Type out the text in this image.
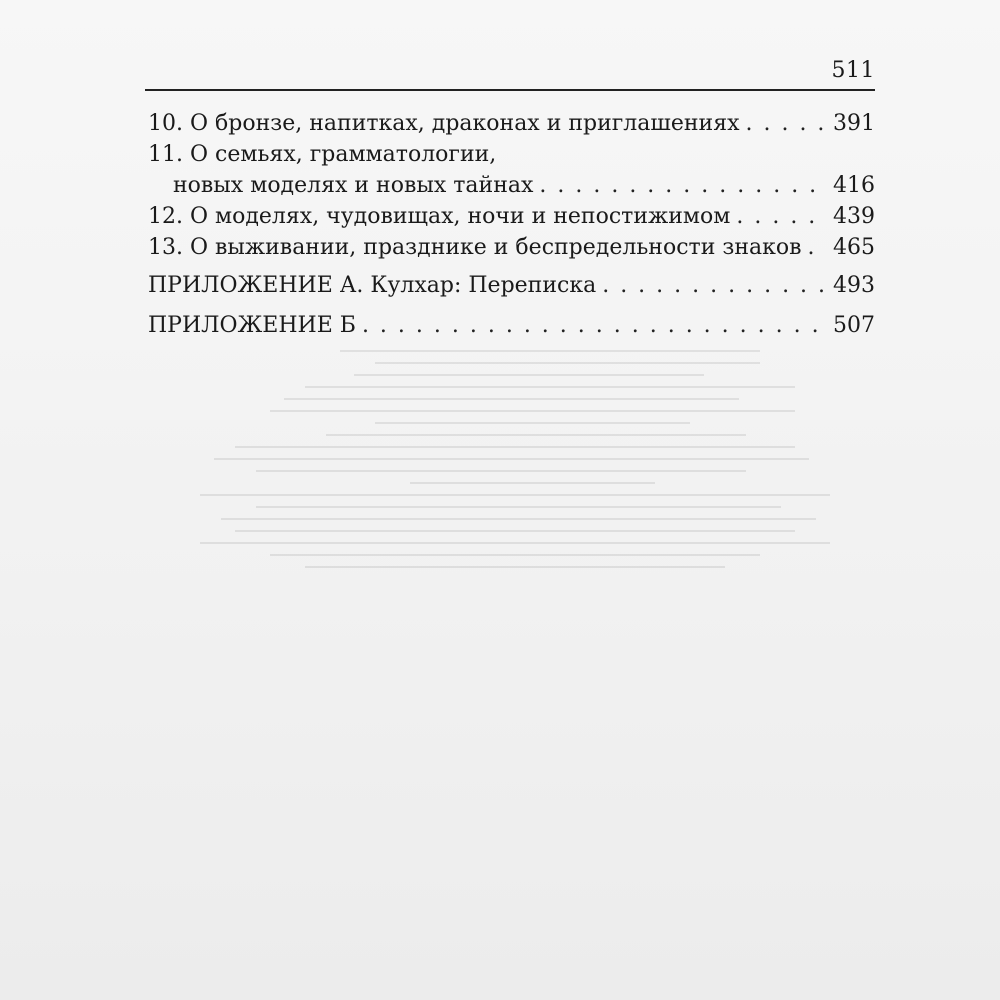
511
10. О бронзе, напитках, драконах и приглашениях . . .	391
11. О семьях, грамматологии,
новых моделях и новых тайнах . . .	416
12. О моделях, чудовищах, ночи и непостижимом . . .	439
13. О выживании, празднике и беспредельности знаков . . . 465
ПРИЛОЖЕНИЕ А. Кулхар: Переписка . . .	493
ПРИЛОЖЕНИЕ Б . . .	507
